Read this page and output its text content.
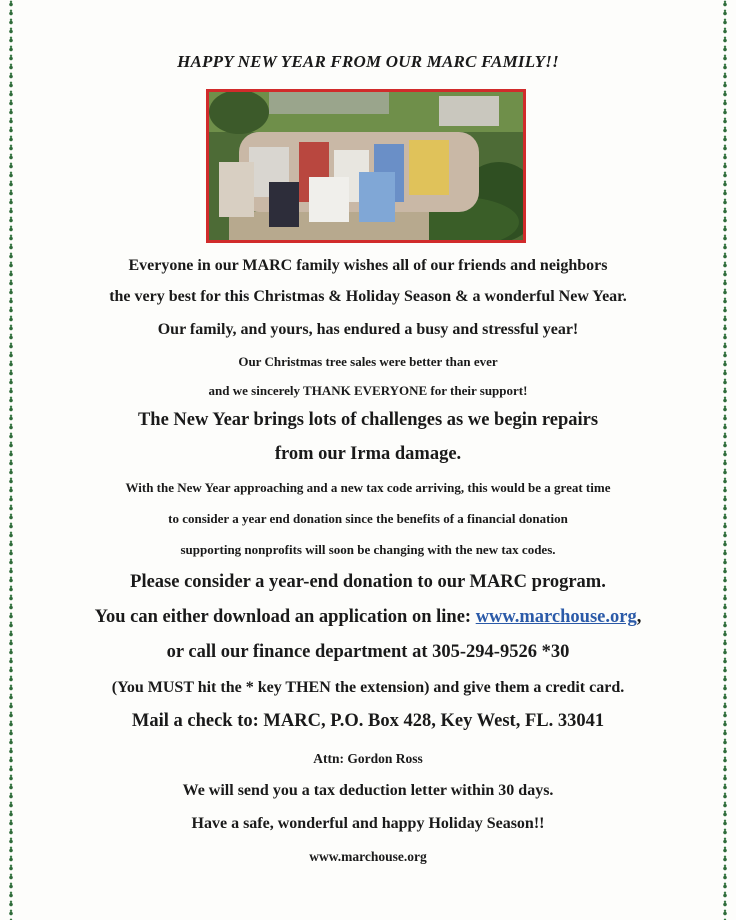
HAPPY NEW YEAR FROM OUR MARC FAMILY!!
Everyone in our MARC family wishes all of our friends and neighbors
the very best for this Christmas & Holiday Season & a wonderful New Year.
Our family, and yours, has endured a busy and stressful year!
Our Christmas tree sales were better than ever
and we sincerely THANK EVERYONE for their support!
The New Year brings lots of challenges as we begin repairs
from our Irma damage.
With the New Year approaching and a new tax code arriving, this would be a great time
to consider a year end donation since the benefits of a financial donation
supporting nonprofits will soon be changing with the new tax codes.
Please consider a year-end donation to our MARC program.
You can either download an application on line: www.marchouse.org,
or call our finance department at 305-294-9526 *30
(You MUST hit the * key THEN the extension) and give them a credit card.
Mail a check to: MARC, P.O. Box 428, Key West, FL. 33041
Attn: Gordon Ross
We will send you a tax deduction letter within 30 days.
Have a safe, wonderful and happy Holiday Season!!
www.marchouse.org
